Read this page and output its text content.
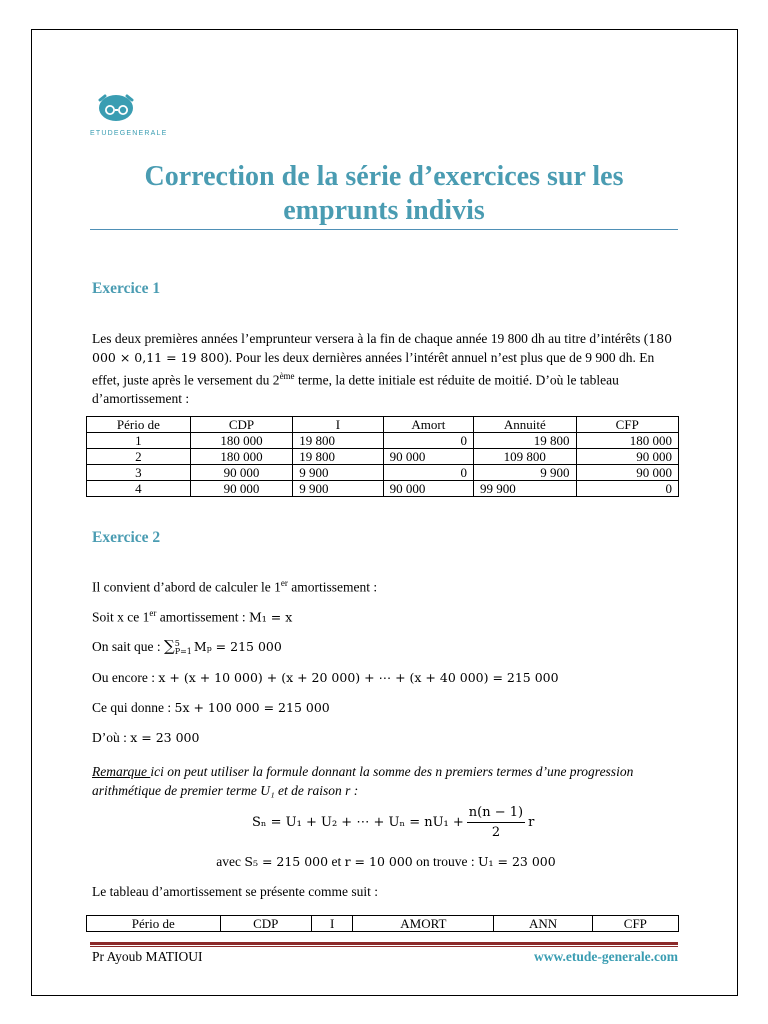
ETUDEGENERALE
Correction de la série d’exercices sur les emprunts indivis
Exercice 1

Les deux premières années l’emprunteur versera à la fin de chaque année 19 800 dh au titre d’intérêts (180 000 × 0,11 = 19 800). Pour les deux dernières années l’intérêt annuel n’est plus que de 9 900 dh. En effet, juste après le versement du 2ème terme, la dette initiale est réduite de moitié. D’où le tableau d’amortissement :

Pério de	CDP	I	Amort	Annuité	CFP
1	180 000	19 800	0	19 800	180 000
2	180 000	19 800	90 000	109 800	90 000
3	90 000	9 900	0	9 900	90 000
4	90 000	9 900	90 000	99 900	0
Exercice 2
Il convient d’abord de calculer le 1er amortissement :
Soit x ce 1er amortissement : M₁ = x
On sait que : ∑ 5
P=1 Mₚ = 215 000
Ou encore : x + (x + 10 000) + (x + 20 000) + ⋯ + (x + 40 000) = 215 000
Ce qui donne : 5x + 100 000 = 215 000
D’où : x = 23 000

Remarque ici on peut utiliser la formule donnant la somme des n premiers termes d’une progression arithmétique de premier terme U₁ et de raison r :

Sₙ = U₁ + U₂ + ⋯ + $U_n = nU_1 + \frac{n(n - 1)}{2}$ r
avec S₅ = 215 000 et r = 10 000 on trouve : U₁ = 23 000
Le tableau d’amortissement se présente comme suit :
Pério de	CDP	I	AMORT	ANN	CFP
Pr Ayoub MATIOUI	www.etude-generale.com
